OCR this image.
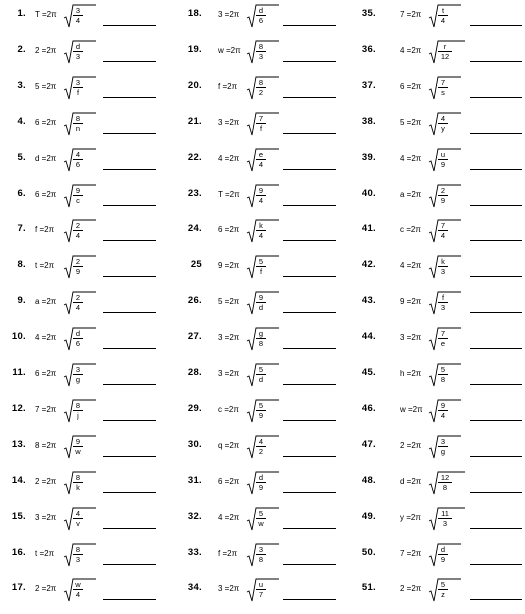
1. $T =2\pi \frac{3}{4}$
2. $2 =2\pi \frac{d}{3}$
3. $5 =2\pi \frac{3}{f}$
4. $6 =2\pi \frac{8}{n}$
5. $d =2\pi \frac{4}{6}$
6. $6 =2\pi \frac{9}{c}$
7. f =2π	$\frac{2}{4}$
8. t =2π	$\frac{2}{9}$
9. $a =2\pi \frac{2}{4}$
10. $4 =2\pi \frac{d}{6}$
11. $6 =2\pi \frac{3}{g}$
12. $7 =2\pi \frac{8}{j}$
13. $8 =2\pi \frac{9}{w}$
14. $2 =2\pi \frac{8}{k}$
15. $3 =2\pi \frac{4}{v}$
16. t =2π	$\frac{8}{3}$
17. $2 =2\pi \frac{w}{4}$
18. $3 =2\pi \frac{d}{6}$
19. $w =2\pi \frac{8}{3}$
20. f =2π	$\frac{8}{2}$
21. $3 =2\pi \frac{7}{f}$
22. $4 =2\pi \frac{e}{4}$
23. $T =2\pi \frac{9}{4}$
24. $6 =2\pi \frac{k}{4}$
25 $9 =2\pi \frac{5}{f}$
26. $5 =2\pi \frac{9}{d}$
27. $3 =2\pi \frac{g}{8}$
28. $3 =2\pi \frac{5}{d}$
29. $c =2\pi \frac{5}{9}$
30. $q =2\pi \frac{4}{2}$
31. $6 =2\pi \frac{d}{9}$
32. $4 =2\pi \frac{5}{w}$
33. f =2π	$\frac{3}{8}$
34. $3 =2\pi \frac{u}{7}$
35.	$7 =2\pi \frac{t}{4}$
36.	$4 =2\pi \frac{r}{12}$
37.	$6 =2\pi \frac{7}{s}$
38.	$5 =2\pi \frac{4}{y}$
39.	$4 =2\pi \frac{u}{9}$
40.	$a =2\pi \frac{2}{9}$
41.	$c =2\pi \frac{7}{4}$
42.	$4 =2\pi \frac{k}{3}$
43.	$9 =2\pi \frac{f}{3}$
44.	$3 =2\pi \frac{7}{e}$
45.	$h =2\pi \frac{5}{8}$
46.	$w =2\pi \frac{9}{4}$
47.	$2 =2\pi \frac{3}{g}$
48.	$d =2\pi \frac{12}{8}$
49.	$y =2\pi \frac{11}{3}$
50.	$7 =2\pi \frac{d}{9}$
51.	$2 =2\pi \frac{5}{z}$
